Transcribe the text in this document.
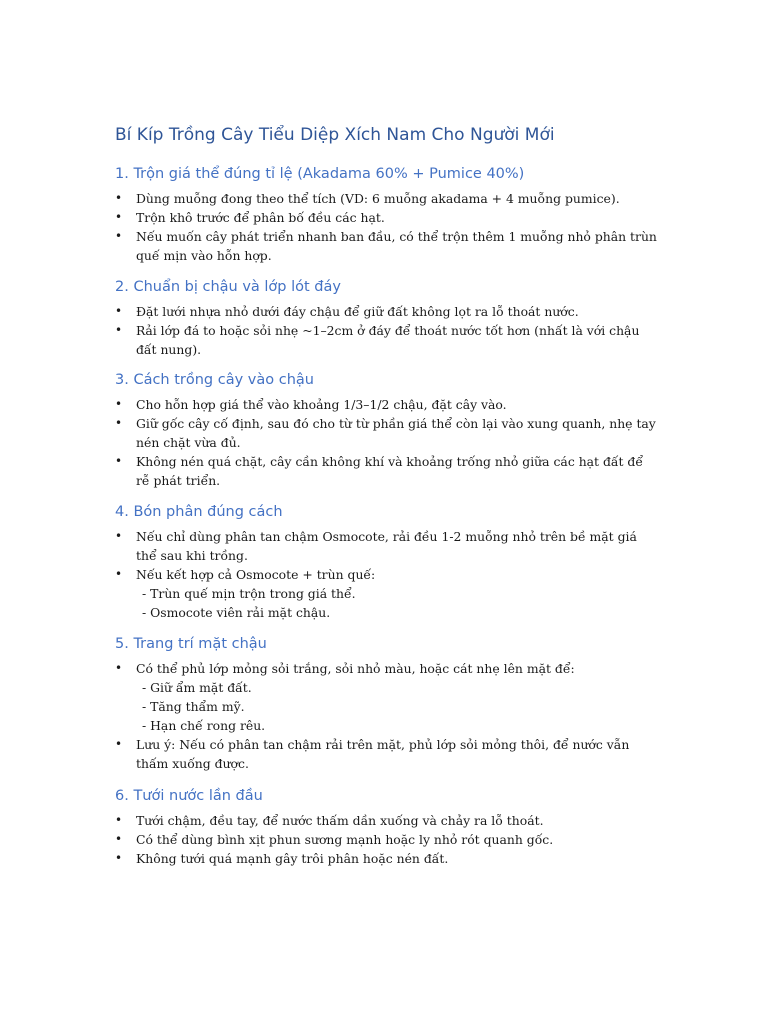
Bí Kíp Trồng Cây Tiểu Diệp Xích Nam Cho Người Mới
1. Trộn giá thể đúng tỉ lệ (Akadama 60% + Pumice 40%)
• Dùng muỗng đong theo thể tích (VD: 6 muỗng akadama + 4 muỗng pumice).
• Trộn khô trước để phân bố đều các hạt.
• Nếu muốn cây phát triển nhanh ban đầu, có thể trộn thêm 1 muỗng nhỏ phân trùn quế mịn vào hỗn hợp.
2. Chuẩn bị chậu và lớp lót đáy
• Đặt lưới nhựa nhỏ dưới đáy chậu để giữ đất không lọt ra lỗ thoát nước.
• Rải lớp đá to hoặc sỏi nhẹ ~1–2cm ở đáy để thoát nước tốt hơn (nhất là với chậu đất nung).
3. Cách trồng cây vào chậu
• Cho hỗn hợp giá thể vào khoảng 1/3–1/2 chậu, đặt cây vào.
• Giữ gốc cây cố định, sau đó cho từ từ phần giá thể còn lại vào xung quanh, nhẹ tay nén chặt vừa đủ.
• Không nén quá chặt, cây cần không khí và khoảng trống nhỏ giữa các hạt đất để rễ phát triển.
4. Bón phân đúng cách
• Nếu chỉ dùng phân tan chậm Osmocote, rải đều 1-2 muỗng nhỏ trên bề mặt giá thể sau khi trồng.
• Nếu kết hợp cả Osmocote + trùn quế:
- Trùn quế mịn trộn trong giá thể.
- Osmocote viên rải mặt chậu.
5. Trang trí mặt chậu
• Có thể phủ lớp mỏng sỏi trắng, sỏi nhỏ màu, hoặc cát nhẹ lên mặt để:
- Giữ ẩm mặt đất.
- Tăng thẩm mỹ.
- Hạn chế rong rêu.
• Lưu ý: Nếu có phân tan chậm rải trên mặt, phủ lớp sỏi mỏng thôi, để nước vẫn thấm xuống được.
6. Tưới nước lần đầu
• Tưới chậm, đều tay, để nước thấm dần xuống và chảy ra lỗ thoát.
• Có thể dùng bình xịt phun sương mạnh hoặc ly nhỏ rót quanh gốc.
• Không tưới quá mạnh gây trôi phân hoặc nén đất.
